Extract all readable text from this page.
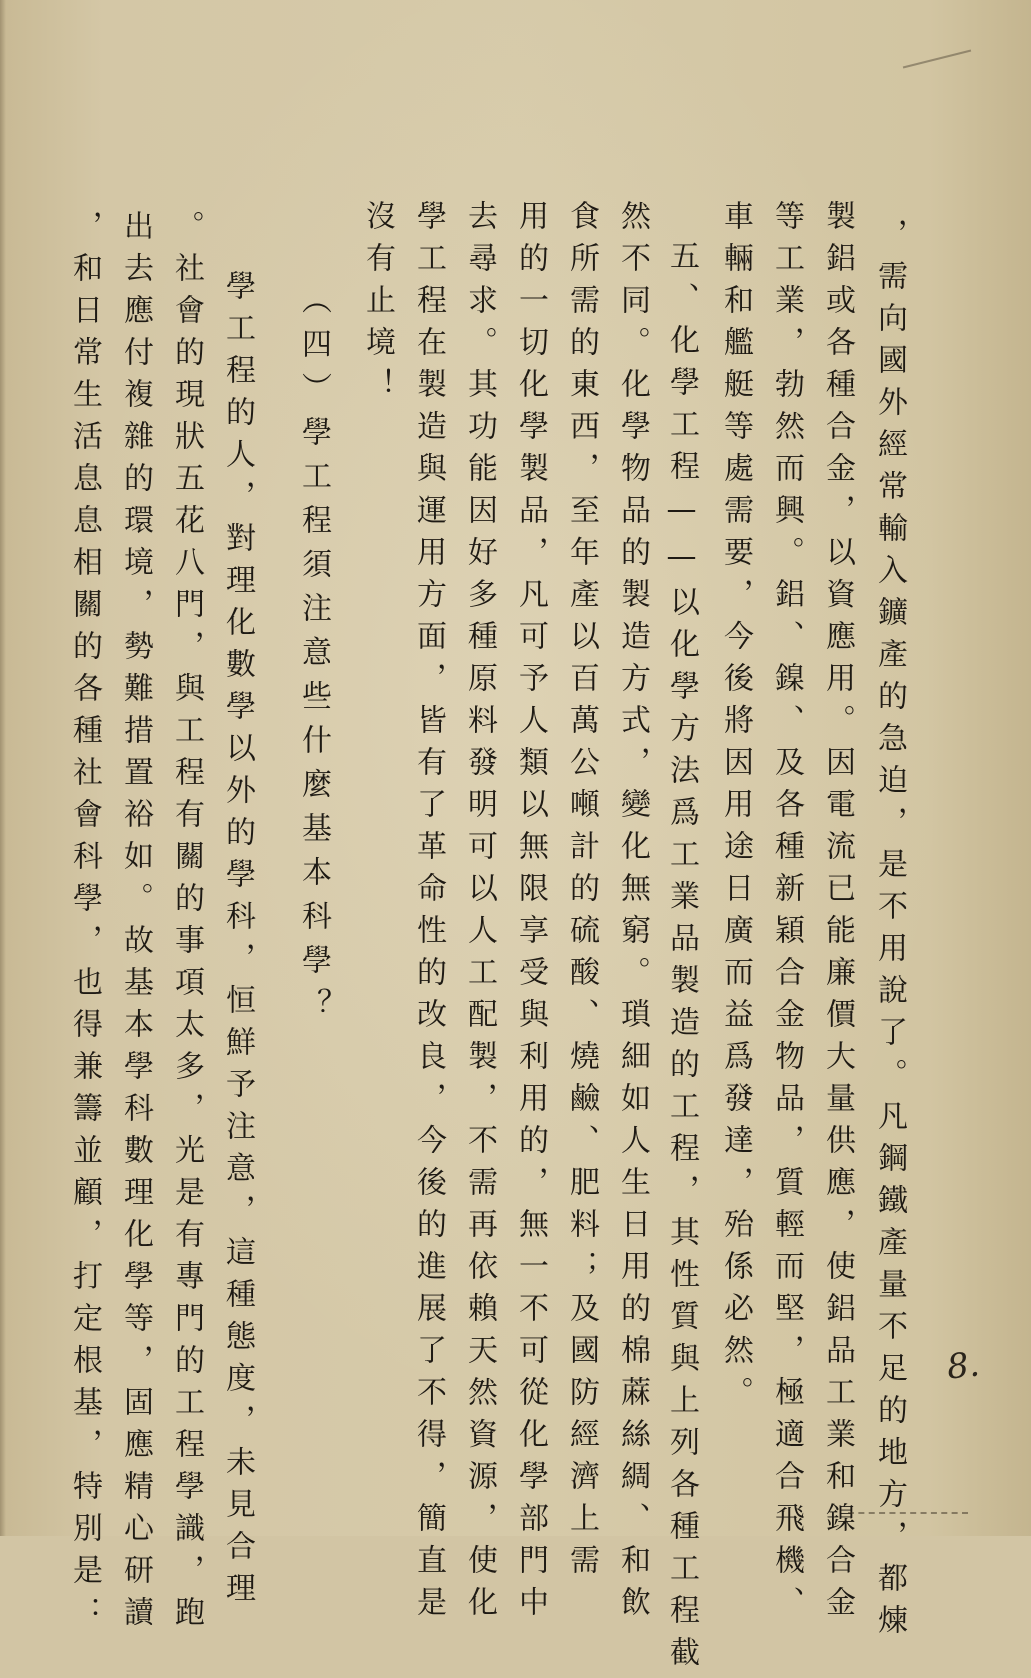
，需向國外經常輸入鑛產的急迫，是不用說了。凡鋼鐵產量不足的地方，都煉
製鋁或各種合金，以資應用。因電流已能廉價大量供應，使鋁品工業和鎳合金
等工業，勃然而興。鋁、鎳、及各種新穎合金物品，質輕而堅，極適合飛機、
車輛和艦艇等處需要，今後將因用途日廣而益爲發達，殆係必然。
五、化學工程——以化學方法爲工業品製造的工程，其性質與上列各種工程截
然不同。化學物品的製造方式，變化無窮。瑣細如人生日用的棉蔴絲綢、和飲
食所需的東西，至年產以百萬公噸計的硫酸、燒鹼、肥料；及國防經濟上需
用的一切化學製品，凡可予人類以無限享受與利用的，無一不可從化學部門中
去尋求。其功能因好多種原料發明可以人工配製，不需再依賴天然資源，使化
學工程在製造與運用方面，皆有了革命性的改良，今後的進展了不得，簡直是
沒有止境！
（四）學工程須注意些什麼基本科學？
學工程的人，對理化數學以外的學科，恒鮮予注意，這種態度，未見合理
。社會的現狀五花八門，與工程有關的事項太多，光是有專門的工程學識，跑
出去應付複雜的環境，勢難措置裕如。故基本學科數理化學等，固應精心研讀
，和日常生活息息相關的各種社會科學，也得兼籌並顧，打定根基，特別是：	8.
